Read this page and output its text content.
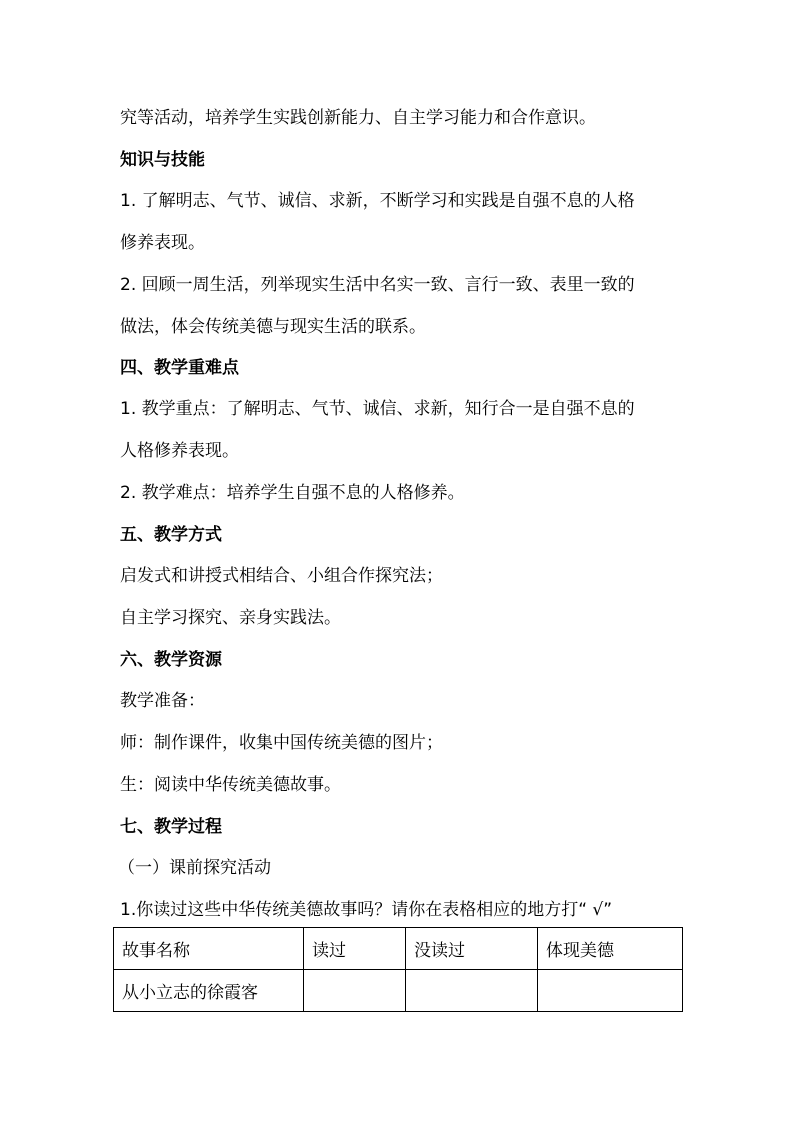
究等活动，培养学生实践创新能力、自主学习能力和合作意识。
知识与技能
1. 了解明志、气节、诚信、求新，不断学习和实践是自强不息的人格
修养表现。
2. 回顾一周生活，列举现实生活中名实一致、言行一致、表里一致的
做法，体会传统美德与现实生活的联系。
四、教学重难点
1. 教学重点：了解明志、气节、诚信、求新，知行合一是自强不息的
人格修养表现。
2. 教学难点：培养学生自强不息的人格修养。
五、教学方式
启发式和讲授式相结合、小组合作探究法；
自主学习探究、亲身实践法。
六、教学资源
教学准备：
师：制作课件，收集中国传统美德的图片；
生：阅读中华传统美德故事。
七、教学过程
（一）课前探究活动
1.你读过这些中华传统美德故事吗？请你在表格相应的地方打“ √”
故事名称	读过	没读过	体现美德
从小立志的徐霞客			
